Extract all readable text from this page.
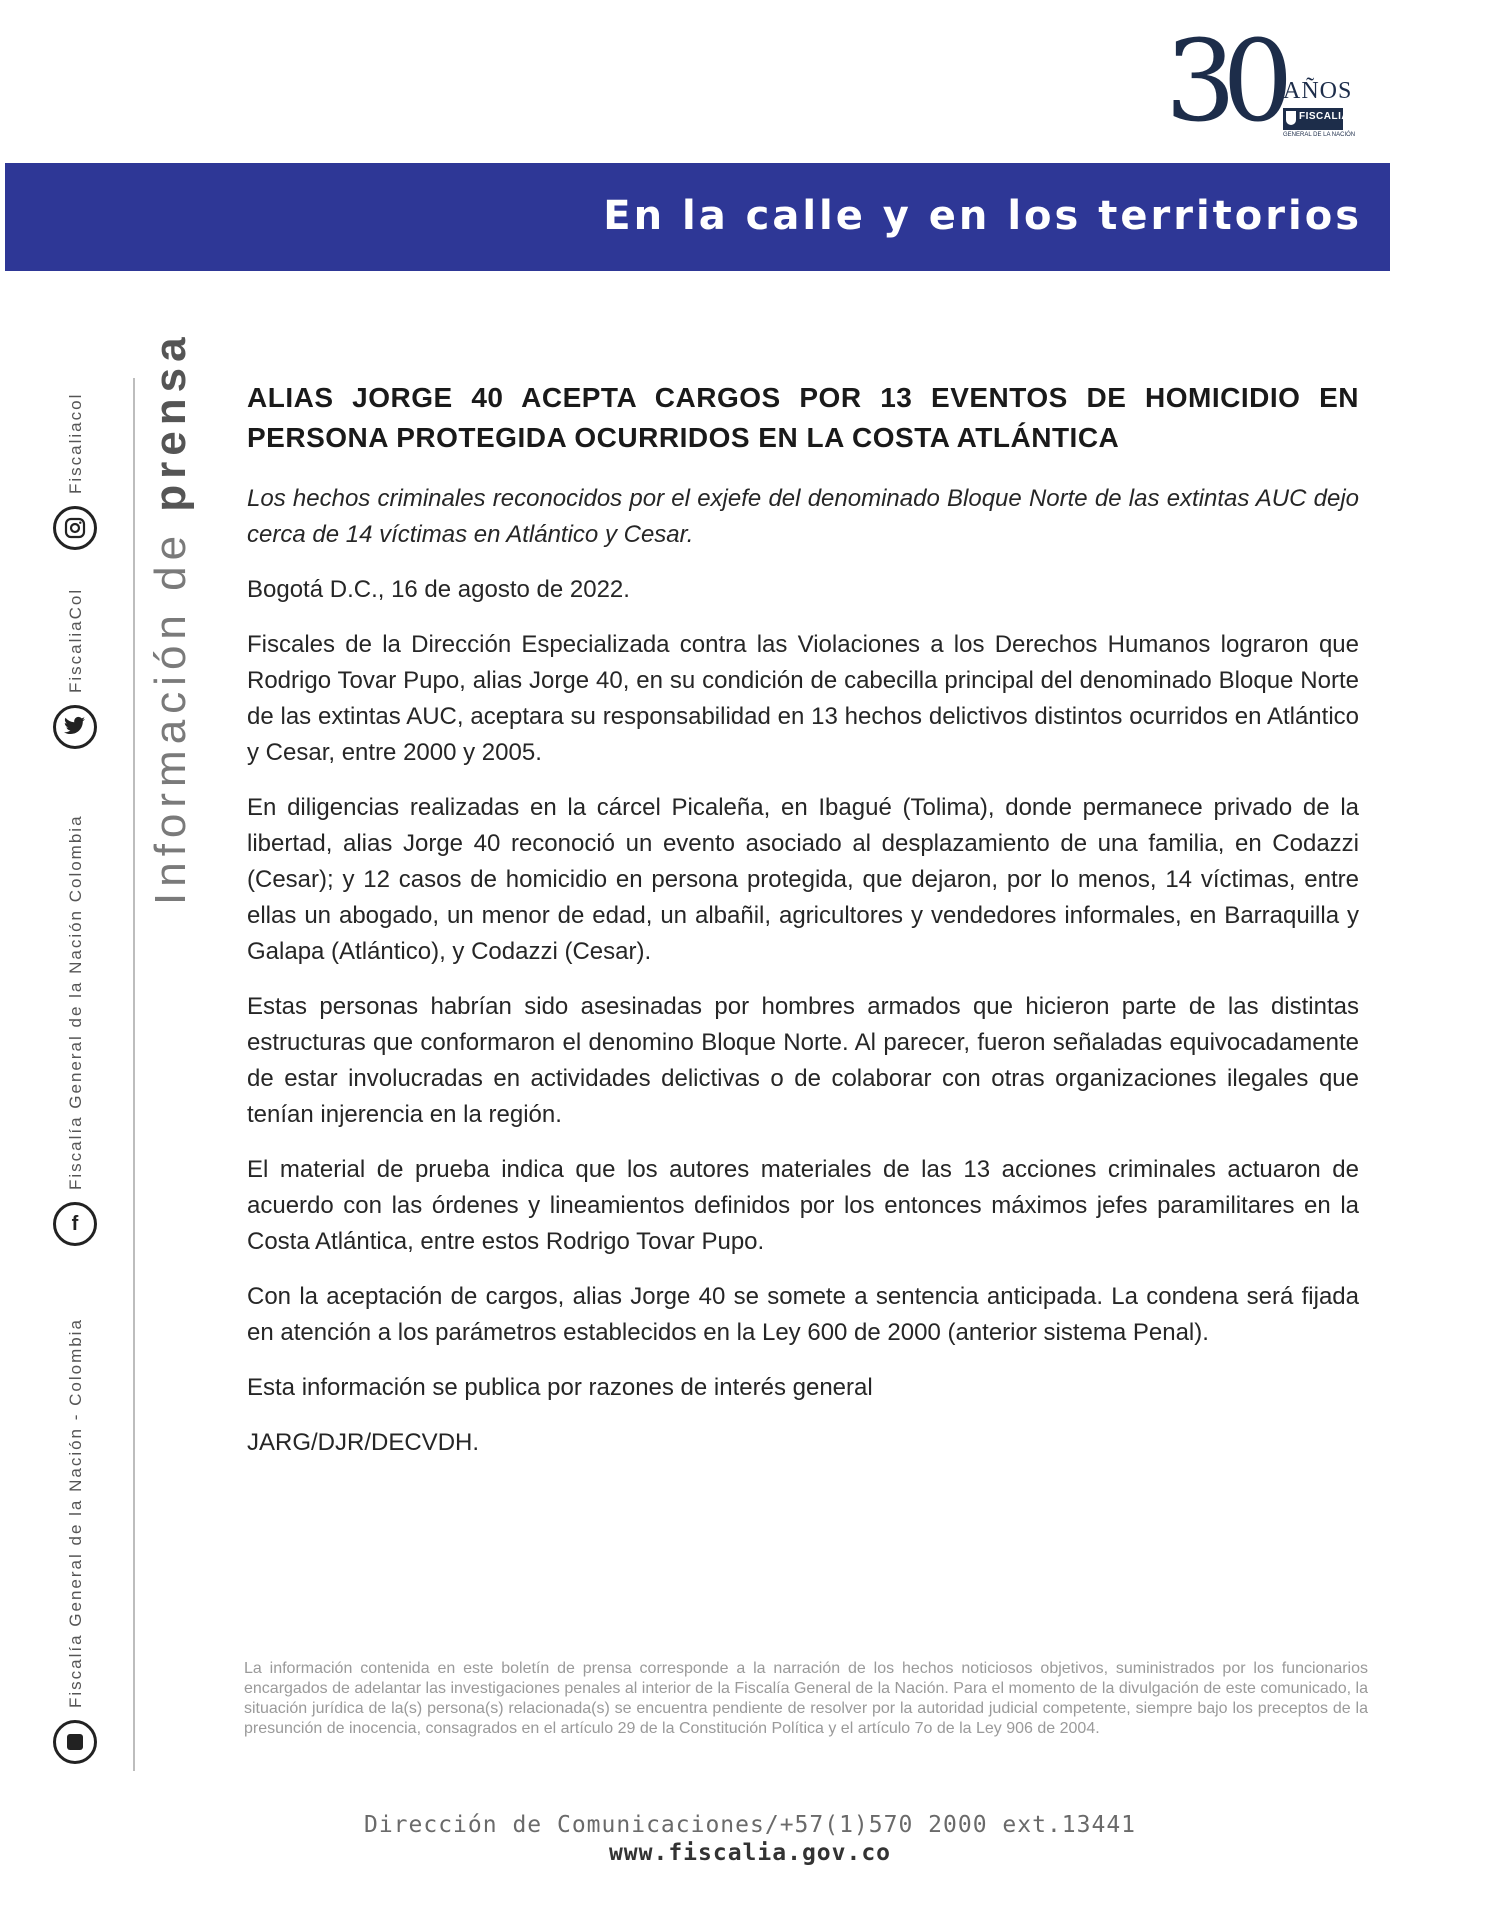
30 AÑOS
FISCALIA
GENERAL DE LA NACIÓN
En la calle y en los territorios
Información de prensa
Fiscaliacol
FiscaliaCol
f
Fiscalía General de la Nación Colombia
Fiscalía General de la Nación - Colombia
ALIAS JORGE 40 ACEPTA CARGOS POR 13 EVENTOS DE HOMICIDIO EN PERSONA PROTEGIDA OCURRIDOS EN LA COSTA ATLÁNTICA

Los hechos criminales reconocidos por el exjefe del denominado Bloque Norte de las extintas AUC dejo cerca de 14 víctimas en Atlántico y Cesar.

Bogotá D.C., 16 de agosto de 2022.

Fiscales de la Dirección Especializada contra las Violaciones a los Derechos Humanos lograron que Rodrigo Tovar Pupo, alias Jorge 40, en su condición de cabecilla principal del denominado Bloque Norte de las extintas AUC, aceptara su responsabilidad en 13 hechos delictivos distintos ocurridos en Atlántico y Cesar, entre 2000 y 2005.

En diligencias realizadas en la cárcel Picaleña, en Ibagué (Tolima), donde permanece privado de la libertad, alias Jorge 40 reconoció un evento asociado al desplazamiento de una familia, en Codazzi (Cesar); y 12 casos de homicidio en persona protegida, que dejaron, por lo menos, 14 víctimas, entre ellas un abogado, un menor de edad, un albañil, agricultores y vendedores informales, en Barraquilla y Galapa (Atlántico), y Codazzi (Cesar).

Estas personas habrían sido asesinadas por hombres armados que hicieron parte de las distintas estructuras que conformaron el denomino Bloque Norte. Al parecer, fueron señaladas equivocadamente de estar involucradas en actividades delictivas o de colaborar con otras organizaciones ilegales que tenían injerencia en la región.

El material de prueba indica que los autores materiales de las 13 acciones criminales actuaron de acuerdo con las órdenes y lineamientos definidos por los entonces máximos jefes paramilitares en la Costa Atlántica, entre estos Rodrigo Tovar Pupo.

Con la aceptación de cargos, alias Jorge 40 se somete a sentencia anticipada. La condena será fijada en atención a los parámetros establecidos en la Ley 600 de 2000 (anterior sistema Penal).

Esta información se publica por razones de interés general

JARG/DJR/DECVDH.

La información contenida en este boletín de prensa corresponde a la narración de los hechos noticiosos objetivos, suministrados por los funcionarios encargados de adelantar las investigaciones penales al interior de la Fiscalía General de la Nación. Para el momento de la divulgación de este comunicado, la situación jurídica de la(s) persona(s) relacionada(s) se encuentra pendiente de resolver por la autoridad judicial competente, siempre bajo los preceptos de la presunción de inocencia, consagrados en el artículo 29 de la Constitución Política y el artículo 7o de la Ley 906 de 2004.

Dirección de Comunicaciones/+57(1)570 2000 ext.13441
www.fiscalia.gov.co
